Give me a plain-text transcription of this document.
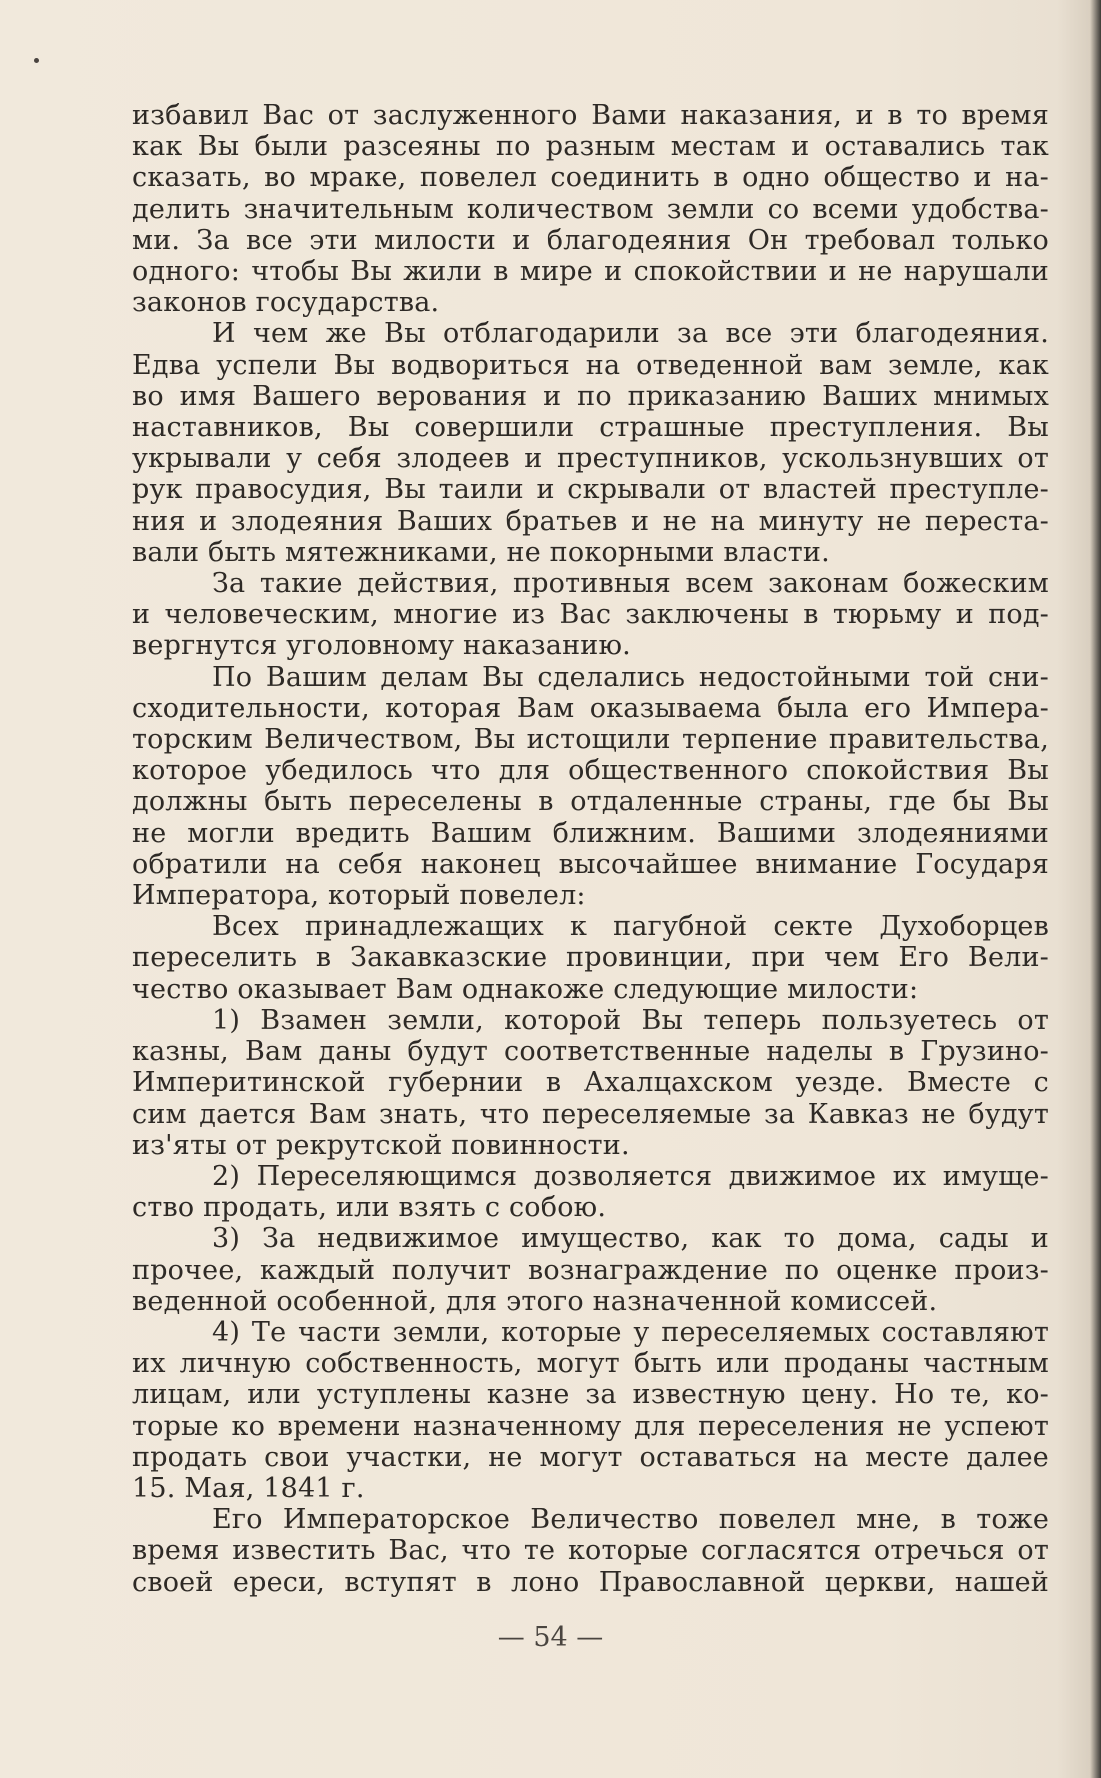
избавил Вас от заслуженного Вами наказания, и в то время
как Вы были разсеяны по разным местам и оставались так
сказать, во мраке, повелел соединить в одно общество и на-
делить значительным количеством земли со всеми удобства-
ми. За все эти милости и благодеяния Он требовал только
одного: чтобы Вы жили в мире и спокойствии и не нарушали
законов государства.
И чем же Вы отблагодарили за все эти благодеяния.
Едва успели Вы водвориться на отведенной вам земле, как
во имя Вашего верования и по приказанию Ваших мнимых
наставников, Вы совершили страшные преступления. Вы
укрывали у себя злодеев и преступников, ускользнувших от
рук правосудия, Вы таили и скрывали от властей преступле-
ния и злодеяния Ваших братьев и не на минуту не переста-
вали быть мятежниками, не покорными власти.
За такие действия, противныя всем законам божеским
и человеческим, многие из Вас заключены в тюрьму и под-
вергнутся уголовному наказанию.
По Вашим делам Вы сделались недостойными той сни-
сходительности, которая Вам оказываема была его Импера-
торским Величеством, Вы истощили терпение правительства,
которое убедилось что для общественного спокойствия Вы
должны быть переселены в отдаленные страны, где бы Вы
не могли вредить Вашим ближним. Вашими злодеяниями
обратили на себя наконец высочайшее внимание Государя
Императора, который повелел:
Всех принадлежащих к пагубной секте Духоборцев
переселить в Закавказские провинции, при чем Его Вели-
чество оказывает Вам однакоже следующие милости:
1) Взамен земли, которой Вы теперь пользуетесь от
казны, Вам даны будут соответственные наделы в Грузино-
Империтинской губернии в Ахалцахском уезде. Вместе с
сим дается Вам знать, что переселяемые за Кавказ не будут
из'яты от рекрутской повинности.
2) Переселяющимся дозволяется движимое их имуще-
ство продать, или взять с собою.
3) За недвижимое имущество, как то дома, сады и
прочее, каждый получит вознаграждение по оценке произ-
веденной особенной, для этого назначенной комиссей.
4) Те части земли, которые у переселяемых составляют
их личную собственность, могут быть или проданы частным
лицам, или уступлены казне за известную цену. Но те, ко-
торые ко времени назначенному для переселения не успеют
продать свои участки, не могут оставаться на месте далее
15. Мая, 1841 г.
Его Императорское Величество повелел мне, в тоже
время известить Вас, что те которые согласятся отречься от
своей ереси, вступят в лоно Православной церкви, нашей
— 54 —
